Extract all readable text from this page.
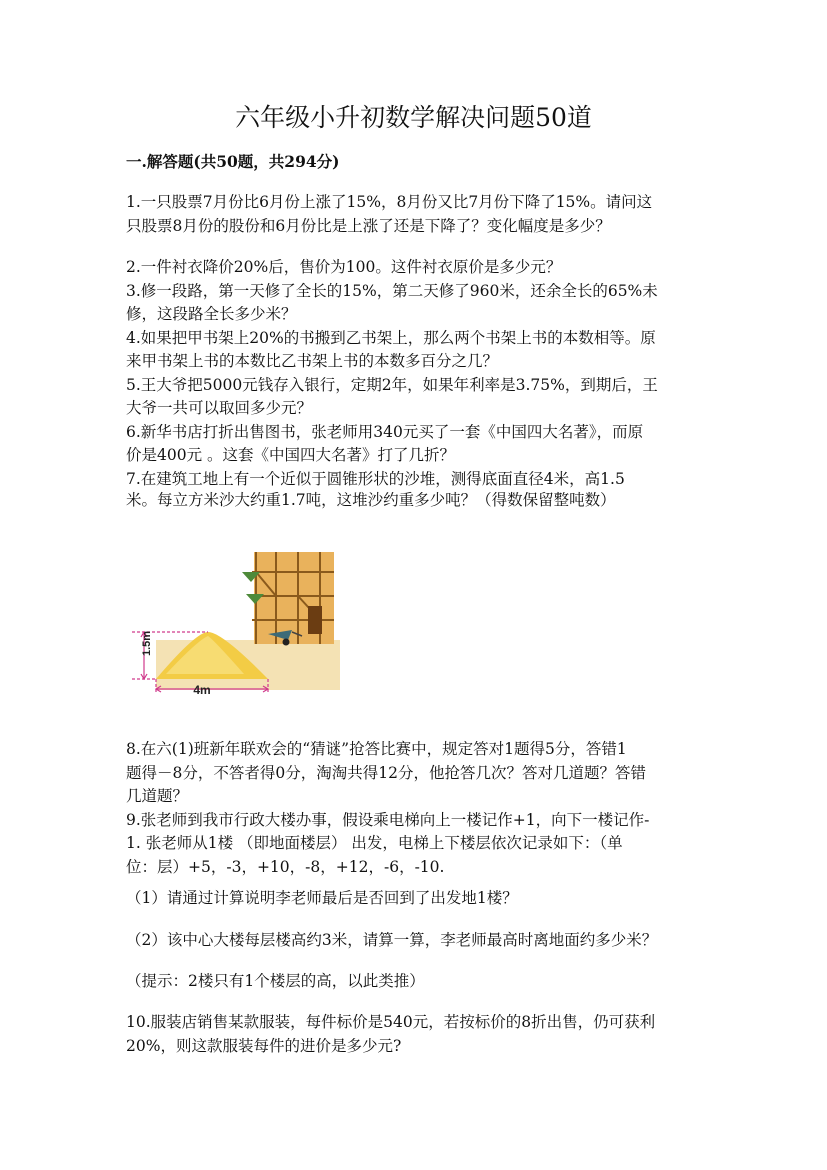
六年级小升初数学解决问题50道
一.解答题(共50题，共294分)
1.一只股票7月份比6月份上涨了15%，8月份又比7月份下降了15%。请问这
只股票8月份的股份和6月份比是上涨了还是下降了？变化幅度是多少？
2.一件衬衣降价20%后，售价为100。这件衬衣原价是多少元？
3.修一段路，第一天修了全长的15%，第二天修了960米，还余全长的65%未
修，这段路全长多少米？
4.如果把甲书架上20%的书搬到乙书架上，那么两个书架上书的本数相等。原
来甲书架上书的本数比乙书架上书的本数多百分之几？
5.王大爷把5000元钱存入银行，定期2年，如果年利率是3.75%，到期后，王
大爷一共可以取回多少元？
6.新华书店打折出售图书，张老师用340元买了一套《中国四大名著》，而原
价是400元 。这套《中国四大名著》打了几折？
7.在建筑工地上有一个近似于圆锥形状的沙堆，测得底面直径4米，高1.5
米。每立方米沙大约重1.7吨，这堆沙约重多少吨？（得数保留整吨数）
1.5m
4m
8.在六(1)班新年联欢会的“猜谜”抢答比赛中，规定答对1题得5分，答错1
题得－8分，不答者得0分，淘淘共得12分，他抢答几次？答对几道题？答错
几道题？
9.张老师到我市行政大楼办事，假设乘电梯向上一楼记作+1，向下一楼记作-
1. 张老师从1楼 （即地面楼层） 出发，电梯上下楼层依次记录如下：（单
位：层）+5，-3，+10，-8，+12，-6，-10.
（1）请通过计算说明李老师最后是否回到了出发地1楼？
（2）该中心大楼每层楼高约3米，请算一算，李老师最高时离地面约多少米？
（提示：2楼只有1个楼层的高，以此类推）
10.服装店销售某款服装，每件标价是540元，若按标价的8折出售，仍可获利
20%，则这款服装每件的进价是多少元?
